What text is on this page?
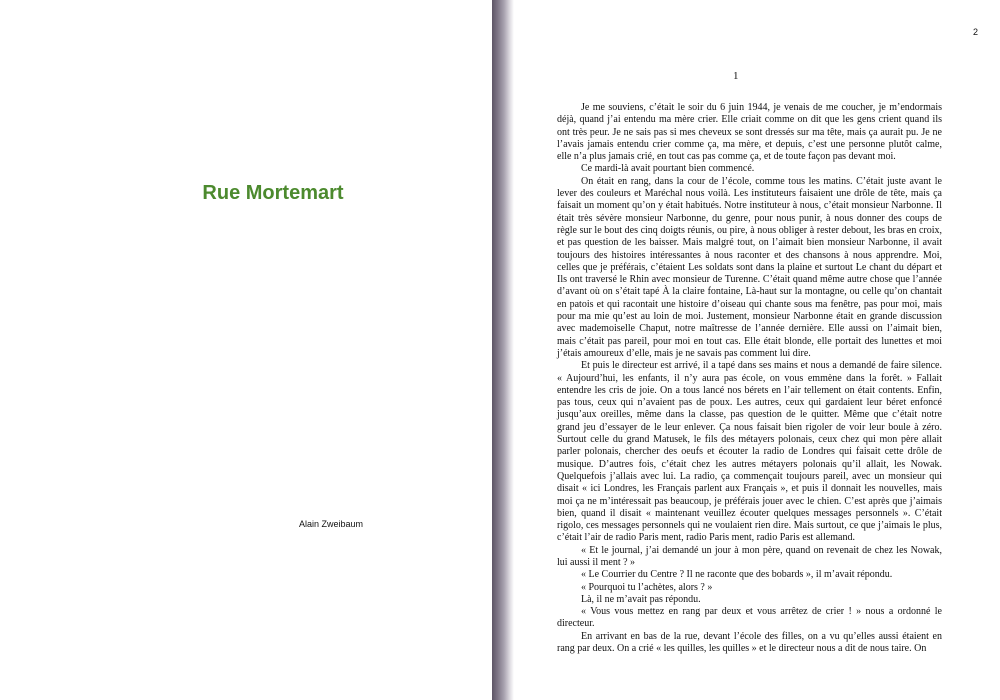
Rue Mortemart
Alain Zweibaum
2
1

Je me souviens, c’était le soir du 6 juin 1944, je venais de me coucher, je m’endormais déjà, quand j’ai entendu ma mère crier. Elle criait comme on dit que les gens crient quand ils ont très peur. Je ne sais pas si mes cheveux se sont dressés sur ma tête, mais ça aurait pu. Je ne l’avais jamais entendu crier comme ça, ma mère, et depuis, c’est une personne plutôt calme, elle n’a plus jamais crié, en tout cas pas comme ça, et de toute façon pas devant moi.

Ce mardi-là avait pourtant bien commencé.

On était en rang, dans la cour de l’école, comme tous les matins. C’était juste avant le lever des couleurs et Maréchal nous voilà. Les instituteurs faisaient une drôle de tête, mais ça faisait un moment qu’on y était habitués. Notre instituteur à nous, c’était monsieur Narbonne. Il était très sévère monsieur Narbonne, du genre, pour nous punir, à nous donner des coups de règle sur le bout des cinq doigts réunis, ou pire, à nous obliger à rester debout, les bras en croix, et pas question de les baisser. Mais malgré tout, on l’aimait bien monsieur Narbonne, il avait toujours des histoires intéressantes à nous raconter et des chansons à nous apprendre. Moi, celles que je préférais, c’étaient Les soldats sont dans la plaine et surtout Le chant du départ et Ils ont traversé le Rhin avec monsieur de Turenne. C’était quand même autre chose que l’année d’avant où on s’était tapé À la claire fontaine, Là-haut sur la montagne, ou celle qu’on chantait en patois et qui racontait une histoire d’oiseau qui chante sous ma fenêtre, pas pour moi, mais pour ma mie qu’est au loin de moi. Justement, monsieur Narbonne était en grande discussion avec mademoiselle Chaput, notre maîtresse de l’année dernière. Elle aussi on l’aimait bien, mais c’était pas pareil, pour moi en tout cas. Elle était blonde, elle portait des lunettes et moi j’étais amoureux d’elle, mais je ne savais pas comment lui dire.

Et puis le directeur est arrivé, il a tapé dans ses mains et nous a demandé de faire silence. « Aujourd’hui, les enfants, il n’y aura pas école, on vous emmène dans la forêt. » Fallait entendre les cris de joie. On a tous lancé nos bérets en l’air tellement on était contents. Enfin, pas tous, ceux qui n’avaient pas de poux. Les autres, ceux qui gardaient leur béret enfoncé jusqu’aux oreilles, même dans la classe, pas question de le quitter. Même que c’était notre grand jeu d’essayer de le leur enlever. Ça nous faisait bien rigoler de voir leur boule à zéro. Surtout celle du grand Matusek, le fils des métayers polonais, ceux chez qui mon père allait parler polonais, chercher des oeufs et écouter la radio de Londres qui faisait cette drôle de musique. D’autres fois, c’était chez les autres métayers polonais qu’il allait, les Nowak. Quelquefois j’allais avec lui. La radio, ça commençait toujours pareil, avec un monsieur qui disait « ici Londres, les Français parlent aux Français », et puis il donnait les nouvelles, mais moi ça ne m’intéressait pas beaucoup, je préférais jouer avec le chien. C’est après que j’aimais bien, quand il disait « maintenant veuillez écouter quelques messages personnels ». C’était rigolo, ces messages personnels qui ne voulaient rien dire. Mais surtout, ce que j’aimais le plus, c’était l’air de radio Paris ment, radio Paris ment, radio Paris est allemand.

« Et le journal, j’ai demandé un jour à mon père, quand on revenait de chez les Nowak, lui aussi il ment ? »

« Le Courrier du Centre ? Il ne raconte que des bobards », il m’avait répondu.

« Pourquoi tu l’achètes, alors ? »

Là, il ne m’avait pas répondu.

« Vous vous mettez en rang par deux et vous arrêtez de crier ! » nous a ordonné le directeur.

En arrivant en bas de la rue, devant l’école des filles, on a vu qu’elles aussi étaient en rang par deux. On a crié « les quilles, les quilles » et le directeur nous a dit de nous taire. On
